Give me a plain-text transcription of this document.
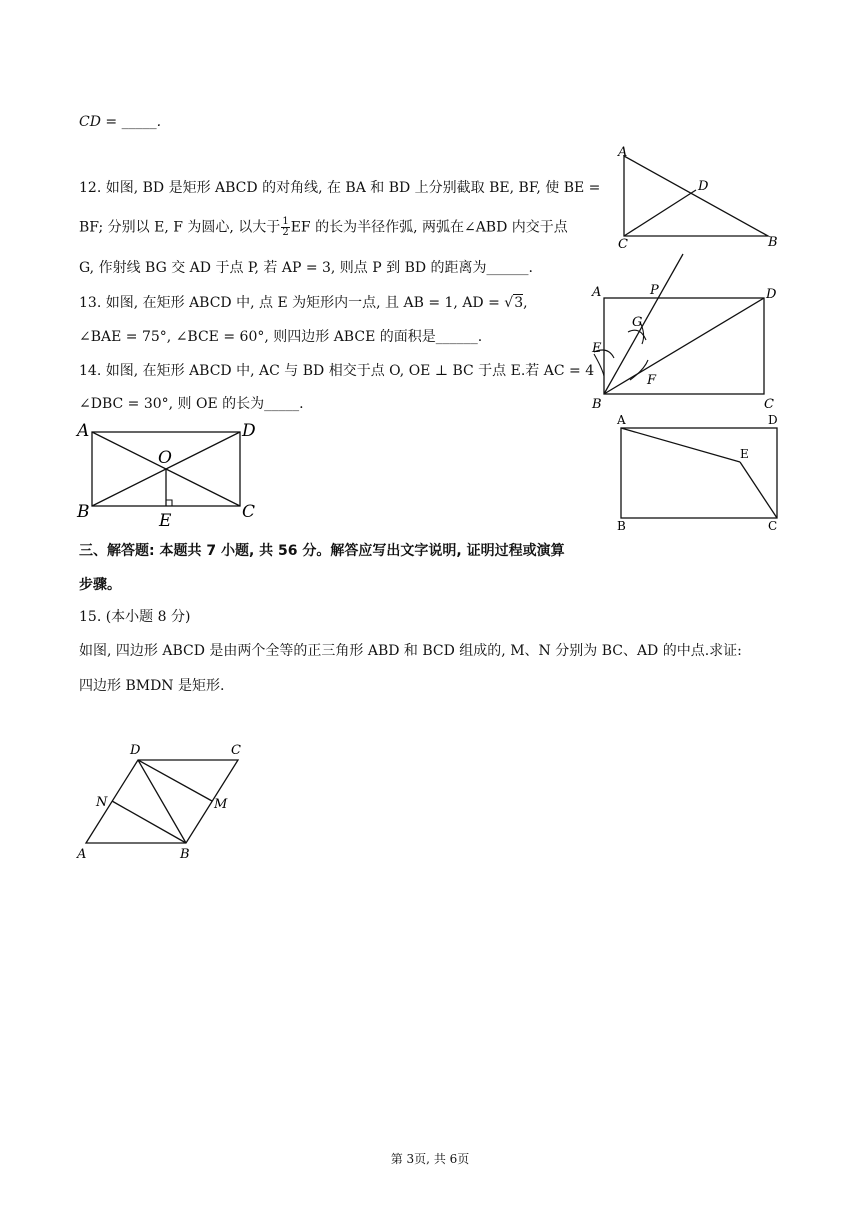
CD = _____.
12. 如图, BD 是矩形 ABCD 的对角线, 在 BA 和 BD 上分别截取 BE, BF, 使 BE =
BF; 分别以 E, F 为圆心, 以大于 $\frac{1}{2}$ EF 的长为半径作弧, 两弧在∠ABD 内交于点
G, 作射线 BG 交 AD 于点 P, 若 AP = 3, 则点 P 到 BD 的距离为______.
13. 如图, 在矩形 ABCD 中, 点 E 为矩形内一点, 且 AB = 1, AD = √3,
∠BAE = 75°, ∠BCE = 60°, 则四边形 ABCE 的面积是______.
14. 如图, 在矩形 ABCD 中, AC 与 BD 相交于点 O, OE ⊥ BC 于点 E.若 AC = 4
∠DBC = 30°, 则 OE 的长为_____.
A
D
C	B
A	P	D
G
E
F
B	C
A	D
E
B	C
A	D
O
B	E	C
三、解答题: 本题共 7 小题, 共 56 分。解答应写出文字说明, 证明过程或演算
步骤。
15. (本小题 8 分)
如图, 四边形 ABCD 是由两个全等的正三角形 ABD 和 BCD 组成的, M、N 分别为 BC、AD 的中点.求证:
四边形 BMDN 是矩形.
D	C
N	M
A	B
第 3页, 共 6页
